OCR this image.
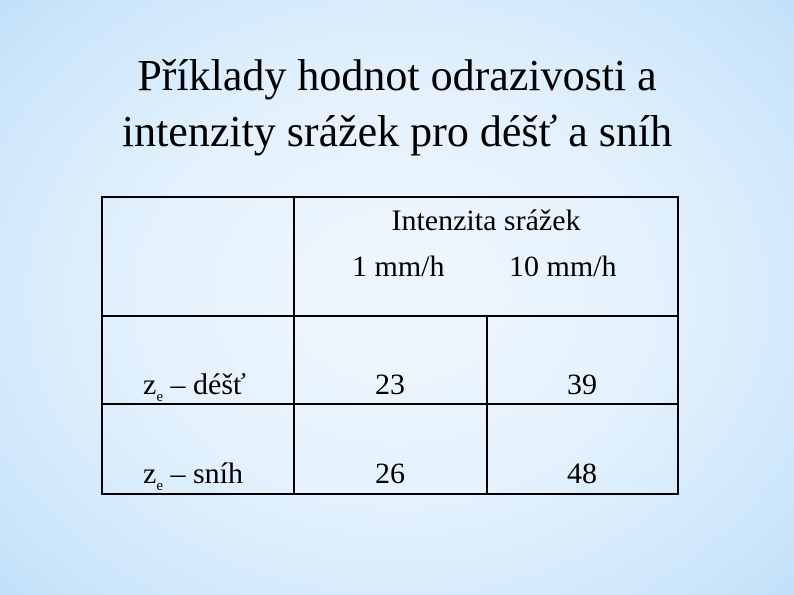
Příklady hodnot odrazivosti a
intenzity srážek pro déšť a sníh
Intenzita srážek
1 mm/h 10 mm/h
$z_e$ – déšť	23	39
$z_e$ – sníh	26	48
